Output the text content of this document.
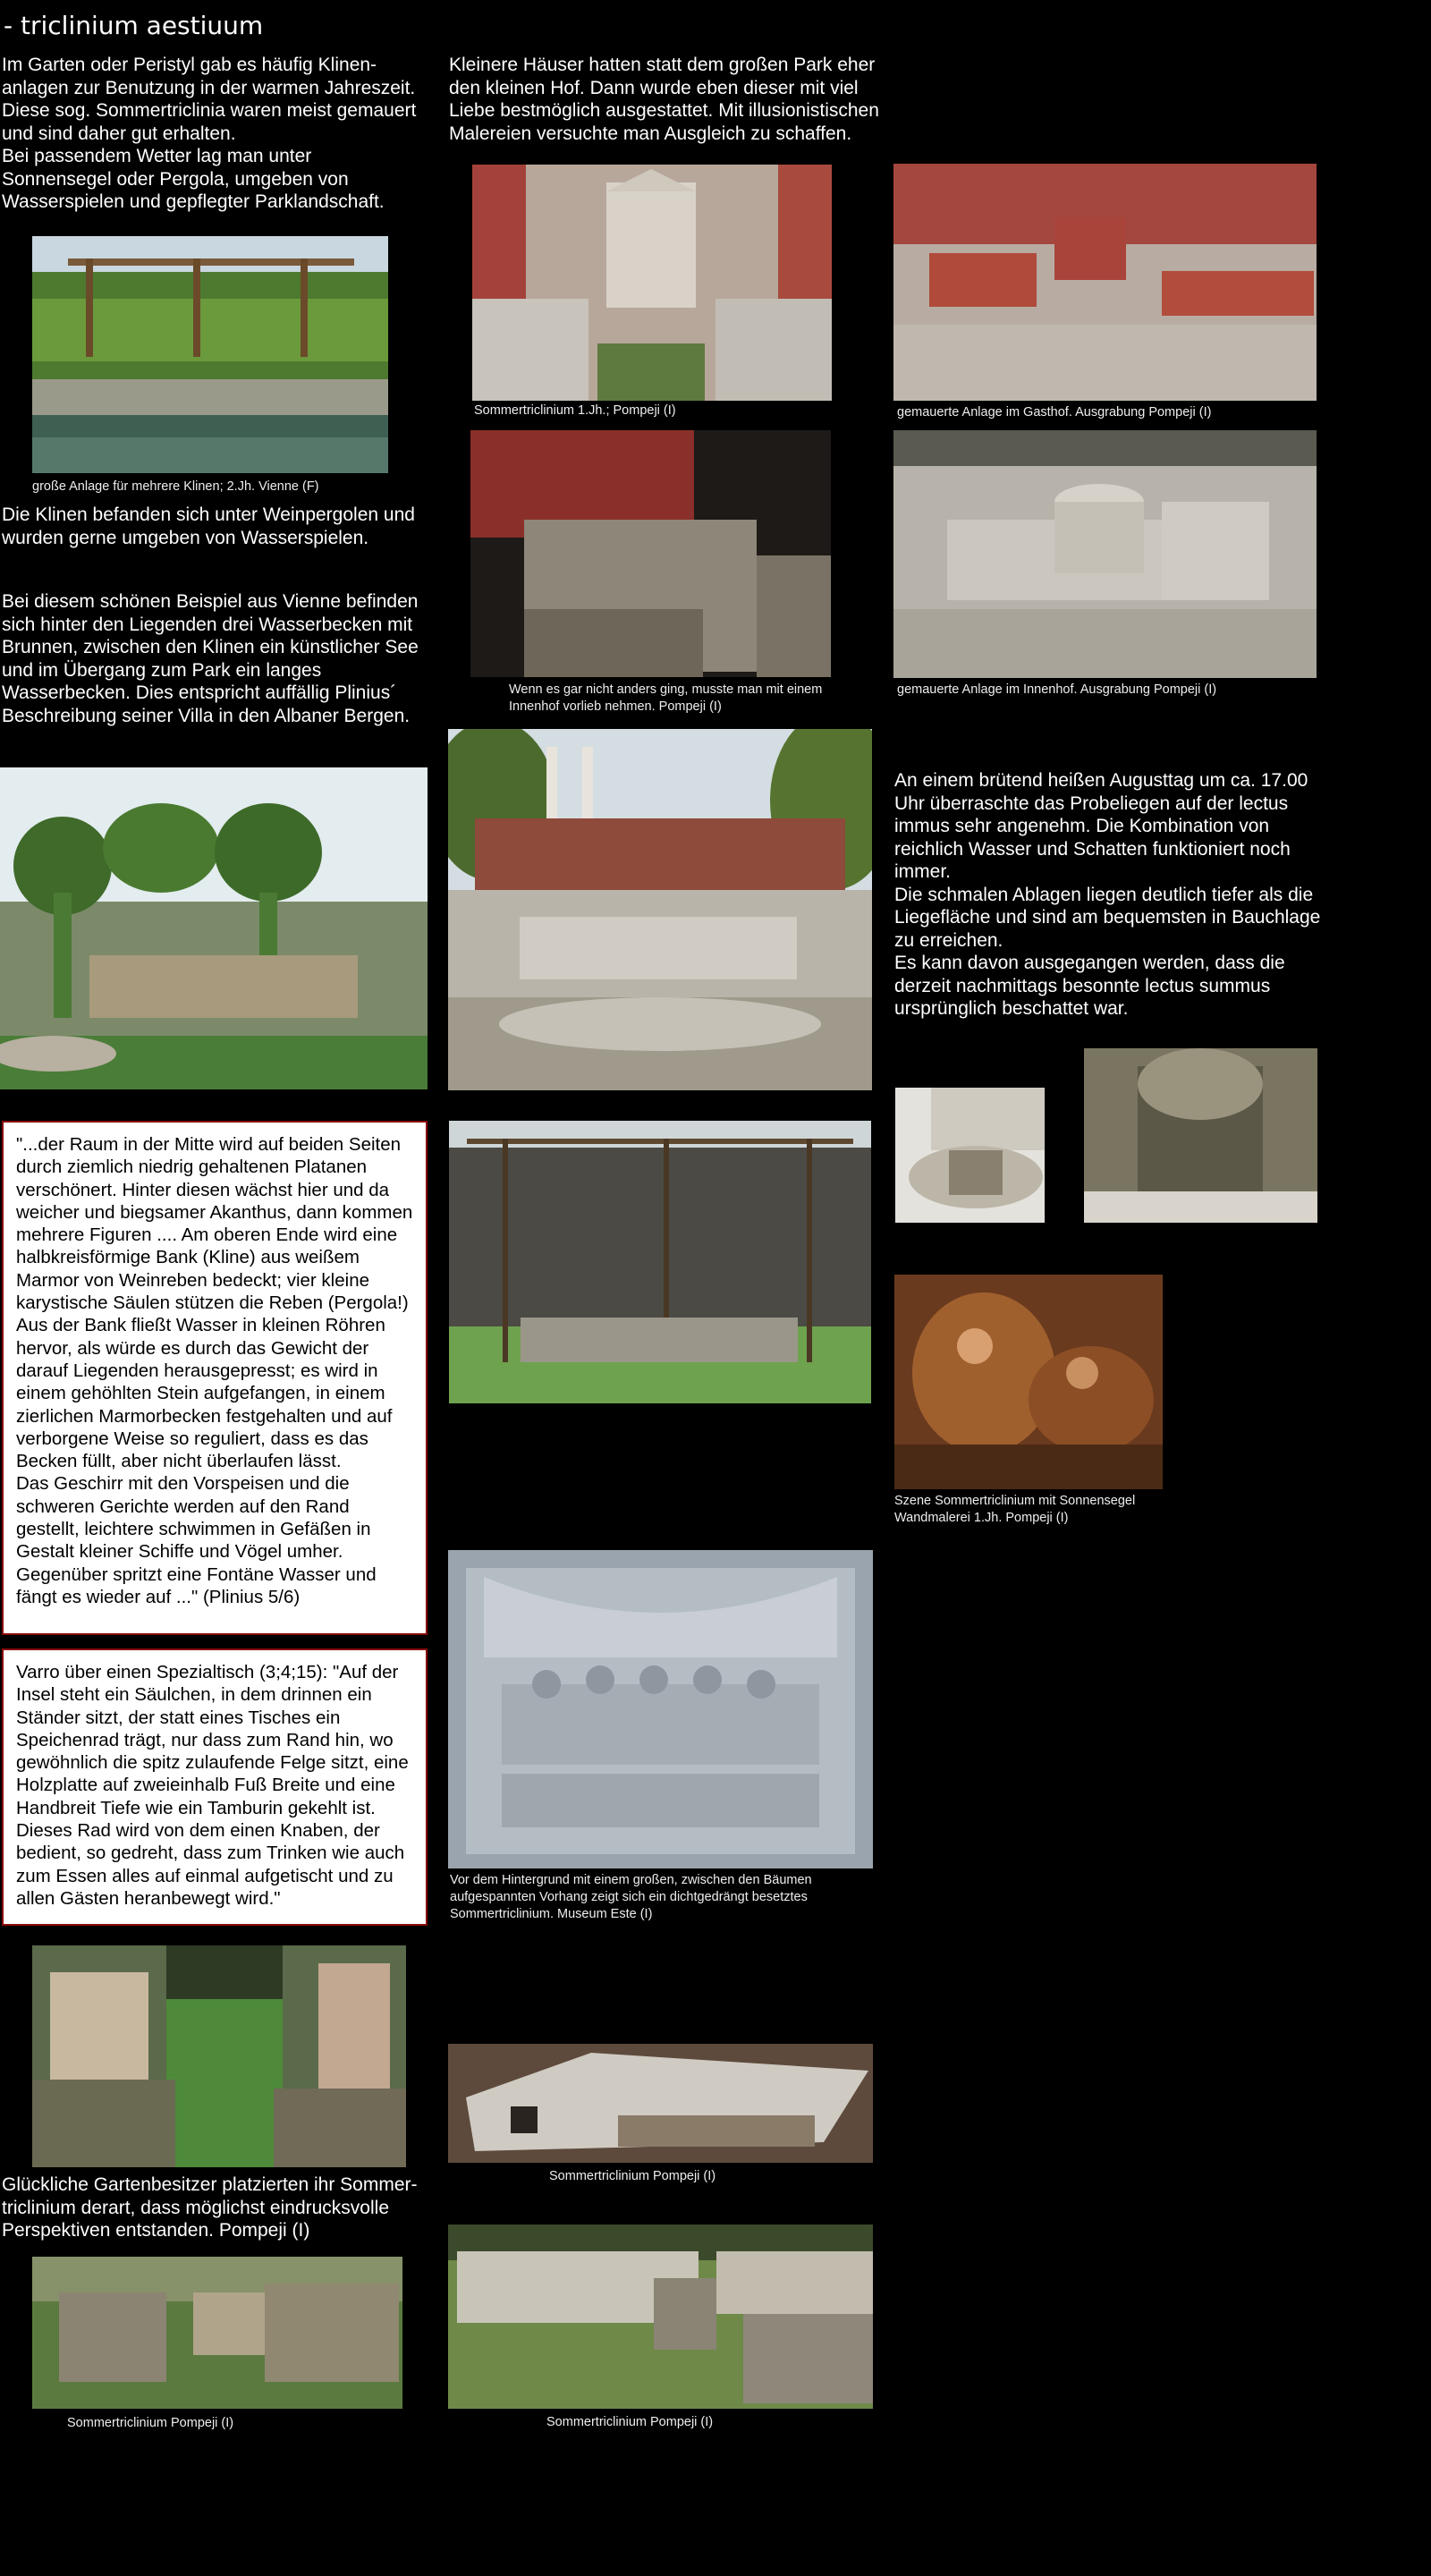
- triclinium aestiuum
Im Garten oder Peristyl gab es häufig Klinen-anlagen zur Benutzung in der warmen Jahreszeit. Diese sog. Sommertriclinia waren meist gemauert und sind daher gut erhalten.
Bei passendem Wetter lag man unter Sonnensegel oder Pergola, umgeben von Wasserspielen und gepflegter Parklandschaft.
große Anlage für mehrere Klinen; 2.Jh. Vienne (F)
Die Klinen befanden sich unter Weinpergolen und wurden gerne umgeben von Wasserspielen.
Bei diesem schönen Beispiel aus Vienne befinden sich hinter den Liegenden drei Wasserbecken mit Brunnen, zwischen den Klinen ein künstlicher See und im Übergang zum Park ein langes Wasserbecken. Dies entspricht auffällig Plinius´ Beschreibung seiner Villa in den Albaner Bergen.
"...der Raum in der Mitte wird auf beiden Seiten durch ziemlich niedrig gehaltenen Platanen verschönert. Hinter diesen wächst hier und da weicher und biegsamer Akanthus, dann kommen mehrere Figuren .... Am oberen Ende wird eine halbkreisförmige Bank (Kline) aus weißem Marmor von Weinreben bedeckt; vier kleine karystische Säulen stützen die Reben (Pergola!) Aus der Bank fließt Wasser in kleinen Röhren hervor, als würde es durch das Gewicht der darauf Liegenden herausgepresst; es wird in einem gehöhlten Stein aufgefangen, in einem zierlichen Marmorbecken festgehalten und auf verborgene Weise so reguliert, dass es das Becken füllt, aber nicht überlaufen lässt.
Das Geschirr mit den Vorspeisen und die schweren Gerichte werden auf den Rand gestellt, leichtere schwimmen in Gefäßen in Gestalt kleiner Schiffe und Vögel umher. Gegenüber spritzt eine Fontäne Wasser und fängt es wieder auf ..." (Plinius 5/6)
Varro über einen Spezialtisch (3;4;15): "Auf der Insel steht ein Säulchen, in dem drinnen ein Ständer sitzt, der statt eines Tisches ein Speichenrad trägt, nur dass zum Rand hin, wo gewöhnlich die spitz zulaufende Felge sitzt, eine Holzplatte auf zweieinhalb Fuß Breite und eine Handbreit Tiefe wie ein Tamburin gekehlt ist. Dieses Rad wird von dem einen Knaben, der bedient, so gedreht, dass zum Trinken wie auch zum Essen alles auf einmal aufgetischt und zu allen Gästen heranbewegt wird."
Glückliche Gartenbesitzer platzierten ihr Sommer-triclinium derart, dass möglichst eindrucksvolle Perspektiven entstanden. Pompeji (I)
Sommertriclinium Pompeji (I)
Kleinere Häuser hatten statt dem großen Park eher den kleinen Hof. Dann wurde eben dieser mit viel Liebe bestmöglich ausgestattet. Mit illusionistischen Malereien versuchte man Ausgleich zu schaffen.
Sommertriclinium 1.Jh.; Pompeji (I)
Wenn es gar nicht anders ging, musste man mit einem Innenhof vorlieb nehmen. Pompeji (I)
Vor dem Hintergrund mit einem großen, zwischen den Bäumen aufgespannten Vorhang zeigt sich ein dichtgedrängt besetztes Sommertriclinium. Museum Este (I)
Sommertriclinium Pompeji (I)
Sommertriclinium Pompeji (I)
gemauerte Anlage im Gasthof. Ausgrabung Pompeji (I)
gemauerte Anlage im Innenhof. Ausgrabung Pompeji (I)
An einem brütend heißen Augusttag um ca. 17.00 Uhr überraschte das Probeliegen auf der lectus immus sehr angenehm. Die Kombination von reichlich Wasser und Schatten funktioniert noch immer.
Die schmalen Ablagen liegen deutlich tiefer als die Liegefläche und sind am bequemsten in Bauchlage zu erreichen.
Es kann davon ausgegangen werden, dass die derzeit nachmittags besonnte lectus summus ursprünglich beschattet war.
Szene Sommertriclinium mit Sonnensegel
Wandmalerei 1.Jh. Pompeji (I)
